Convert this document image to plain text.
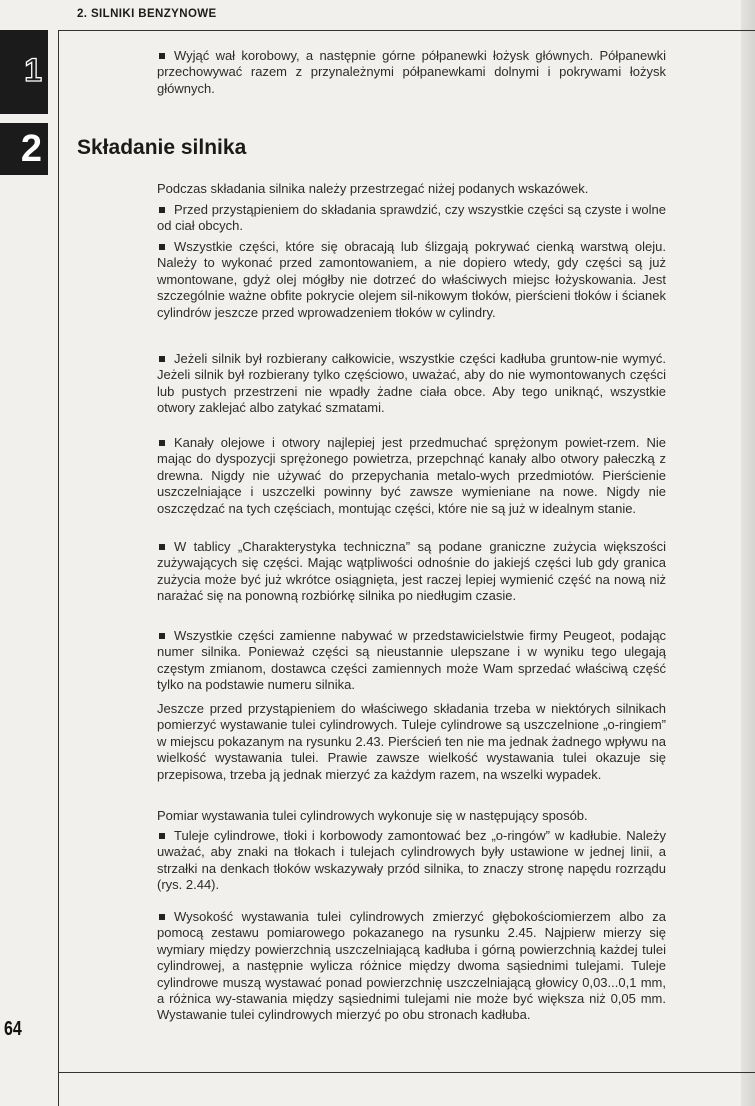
2. SILNIKI BENZYNOWE
1
2 Składanie silnika
Wyjąć wał korobowy, a następnie górne półpanewki łożysk głównych. Półpanewki przechowywać razem z przynależnymi półpanewkami dolnymi i pokrywami łożysk głównych.
Podczas składania silnika należy przestrzegać niżej podanych wskazówek.
Przed przystąpieniem do składania sprawdzić, czy wszystkie części są czyste i wolne od ciał obcych.
Wszystkie części, które się obracają lub ślizgają pokrywać cienką warstwą oleju. Należy to wykonać przed zamontowaniem, a nie dopiero wtedy, gdy części są już wmontowane, gdyż olej mógłby nie dotrzeć do właściwych miejsc łożyskowania. Jest szczególnie ważne obfite pokrycie olejem sil-nikowym tłoków, pierścieni tłoków i ścianek cylindrów jeszcze przed wprowadzeniem tłoków w cylindry.
Jeżeli silnik był rozbierany całkowicie, wszystkie części kadłuba gruntow-nie wymyć. Jeżeli silnik był rozbierany tylko częściowo, uważać, aby do nie wymontowanych części lub pustych przestrzeni nie wpadły żadne ciała obce. Aby tego uniknąć, wszystkie otwory zaklejać albo zatykać szmatami.
Kanały olejowe i otwory najlepiej jest przedmuchać sprężonym powiet-rzem. Nie mając do dyspozycji sprężonego powietrza, przepchnąć kanały albo otwory pałeczką z drewna. Nigdy nie używać do przepychania metalo-wych przedmiotów. Pierścienie uszczelniające i uszczelki powinny być zawsze wymieniane na nowe. Nigdy nie oszczędzać na tych częściach, montując części, które nie są już w idealnym stanie.
W tablicy „Charakterystyka techniczna” są podane graniczne zużycia większości zużywających się części. Mając wątpliwości odnośnie do jakiejś części lub gdy granica zużycia może być już wkrótce osiągnięta, jest raczej lepiej wymienić część na nową niż narażać się na ponowną rozbiórkę silnika po niedługim czasie.
Wszystkie części zamienne nabywać w przedstawicielstwie firmy Peugeot, podając numer silnika. Ponieważ części są nieustannie ulepszane i w wyniku tego ulegają częstym zmianom, dostawca części zamiennych może Wam sprzedać właściwą część tylko na podstawie numeru silnika.
Jeszcze przed przystąpieniem do właściwego składania trzeba w niektórych silnikach pomierzyć wystawanie tulei cylindrowych. Tuleje cylindrowe są uszczelnione „o-ringiem” w miejscu pokazanym na rysunku 2.43. Pierścień ten nie ma jednak żadnego wpływu na wielkość wystawania tulei. Prawie zawsze wielkość wystawania tulei okazuje się przepisowa, trzeba ją jednak mierzyć za każdym razem, na wszelki wypadek.
Pomiar wystawania tulei cylindrowych wykonuje się w następujący sposób.
Tuleje cylindrowe, tłoki i korbowody zamontować bez „o-ringów” w kadłubie. Należy uważać, aby znaki na tłokach i tulejach cylindrowych były ustawione w jednej linii, a strzałki na denkach tłoków wskazywały przód silnika, to znaczy stronę napędu rozrządu (rys. 2.44).
Wysokość wystawania tulei cylindrowych zmierzyć głębokościomierzem albo za pomocą zestawu pomiarowego pokazanego na rysunku 2.45. Najpierw mierzy się wymiary między powierzchnią uszczelniającą kadłuba i górną powierzchnią każdej tulei cylindrowej, a następnie wylicza różnice między dwoma sąsiednimi tulejami. Tuleje cylindrowe muszą wystawać ponad powierzchnię uszczelniającą głowicy 0,03...0,1 mm, a różnica wy-stawania między sąsiednimi tulejami nie może być większa niż 0,05 mm. Wystawanie tulei cylindrowych mierzyć po obu stronach kadłuba.
64
